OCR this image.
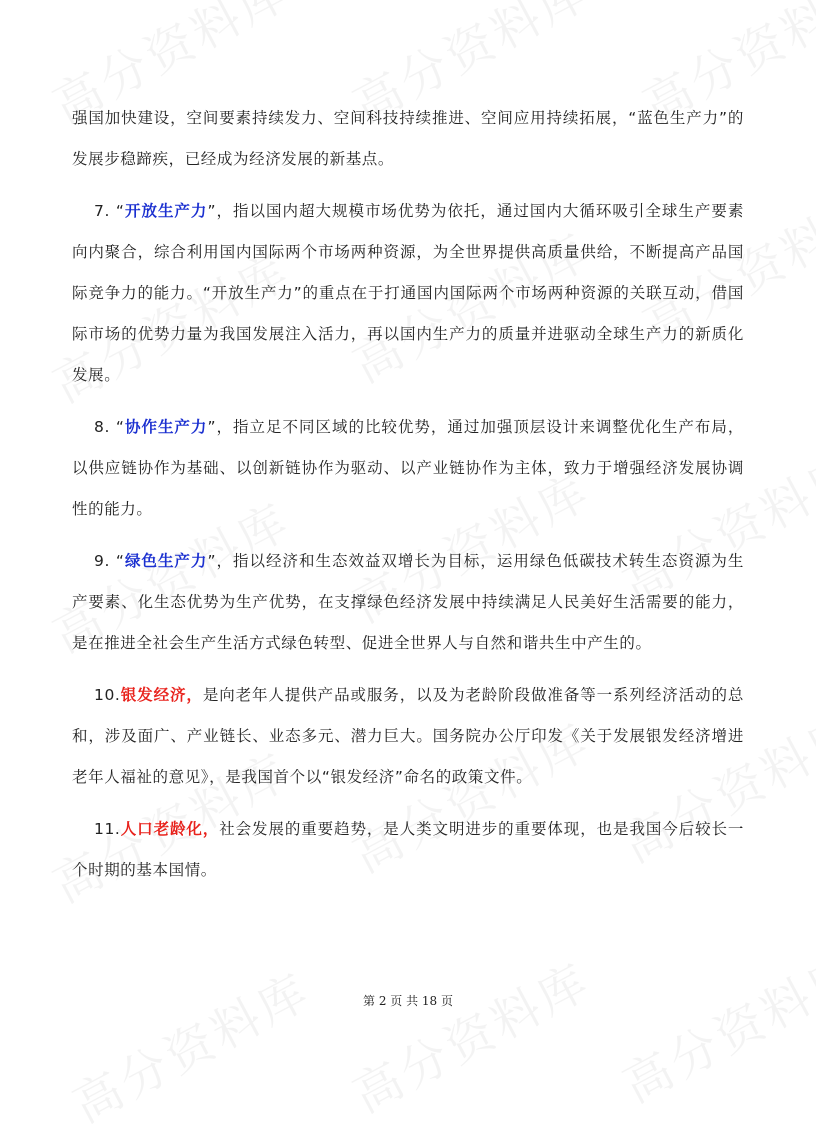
强国加快建设，空间要素持续发力、空间科技持续推进、空间应用持续拓展，“蓝色生产力”的发展步稳蹄疾，已经成为经济发展的新基点。

7. “开放生产力”，指以国内超大规模市场优势为依托，通过国内大循环吸引全球生产要素向内聚合，综合利用国内国际两个市场两种资源，为全世界提供高质量供给，不断提高产品国际竞争力的能力。“开放生产力”的重点在于打通国内国际两个市场两种资源的关联互动，借国际市场的优势力量为我国发展注入活力，再以国内生产力的质量并进驱动全球生产力的新质化发展。

8. “协作生产力”，指立足不同区域的比较优势，通过加强顶层设计来调整优化生产布局，以供应链协作为基础、以创新链协作为驱动、以产业链协作为主体，致力于增强经济发展协调性的能力。

9. “绿色生产力”，指以经济和生态效益双增长为目标，运用绿色低碳技术转生态资源为生产要素、化生态优势为生产优势，在支撑绿色经济发展中持续满足人民美好生活需要的能力，是在推进全社会生产生活方式绿色转型、促进全世界人与自然和谐共生中产生的。

10.银发经济，是向老年人提供产品或服务，以及为老龄阶段做准备等一系列经济活动的总和，涉及面广、产业链长、业态多元、潜力巨大。国务院办公厅印发《关于发展银发经济增进老年人福祉的意见》，是我国首个以“银发经济”命名的政策文件。

11.人口老龄化，社会发展的重要趋势，是人类文明进步的重要体现，也是我国今后较长一个时期的基本国情。

第 2 页 共 18 页
